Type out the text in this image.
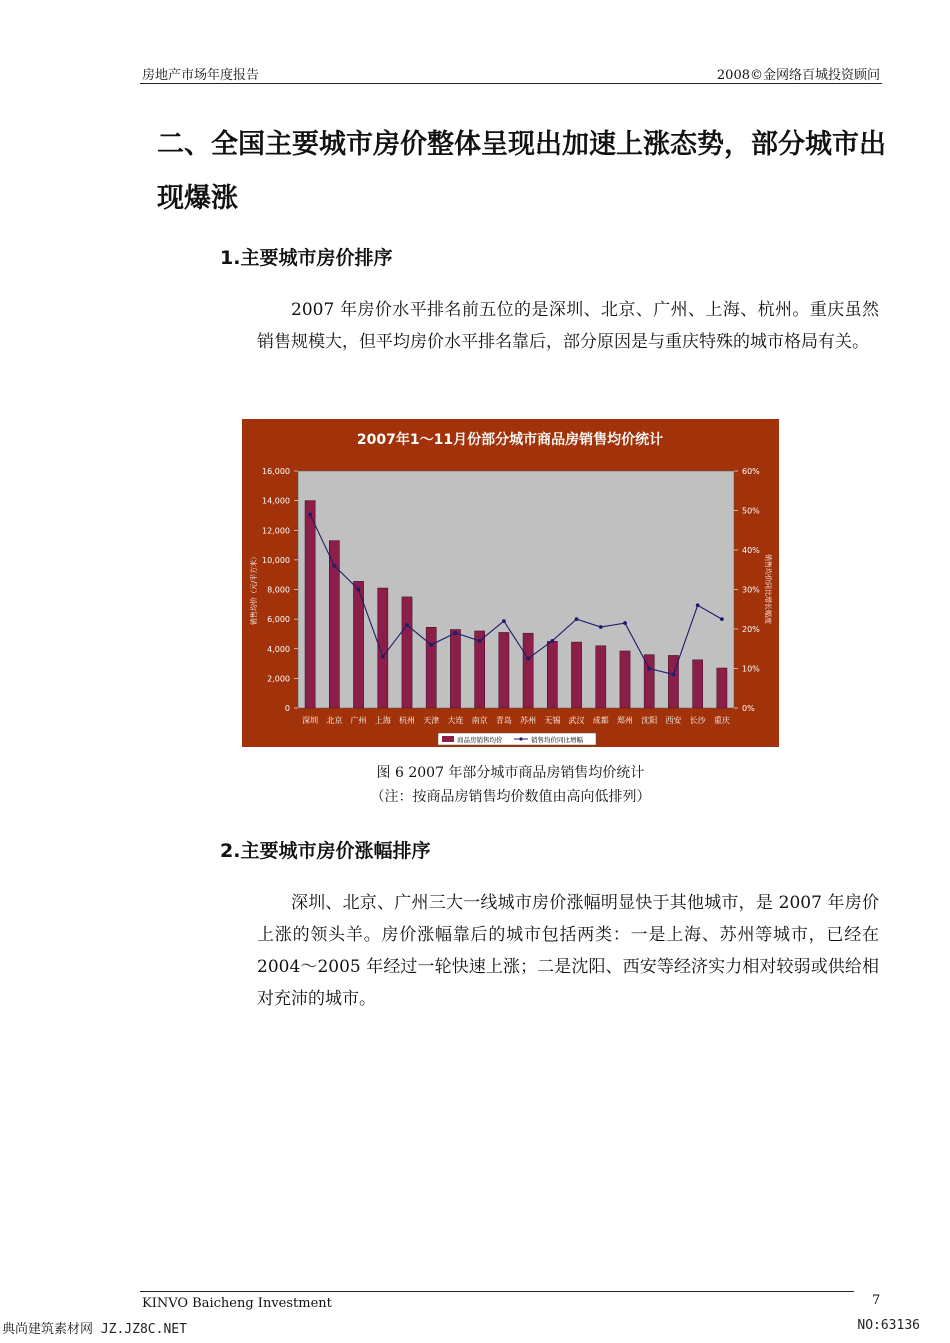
房地产市场年度报告	2008©金网络百城投资顾问
二、全国主要城市房价整体呈现出加速上涨态势，部分城市出现爆涨
1.主要城市房价排序

2007 年房价水平排名前五位的是深圳、北京、广州、上海、杭州。重庆虽然销售规模大，但平均房价水平排名靠后，部分原因是与重庆特殊的城市格局有关。

2007年1～11月份部分城市商品房销售均价统计
0
2,000
4,000
6,000
8,000
10,000
12,000
14,000
16,000
0%
10%
20%
30%
40%
50%
60%
深圳 北京 广州 上海 杭州 天津 大连 南京 青岛 苏州 无锡 武汉 成都 郑州 沈阳 西安 长沙 重庆
销售均价（元/平方米）	销售均价同比增长幅度
商品房销售均价	销售均价同比增幅
图 6 2007 年部分城市商品房销售均价统计
（注：按商品房销售均价数值由高向低排列）
2.主要城市房价涨幅排序

深圳、北京、广州三大一线城市房价涨幅明显快于其他城市，是 2007 年房价上涨的领头羊。房价涨幅靠后的城市包括两类：一是上海、苏州等城市，已经在 2004～2005 年经过一轮快速上涨；二是沈阳、西安等经济实力相对较弱或供给相对充沛的城市。

KINVO Baicheng Investment	7
典尚建筑素材网 JZ.JZ8C.NET	NO:63136
